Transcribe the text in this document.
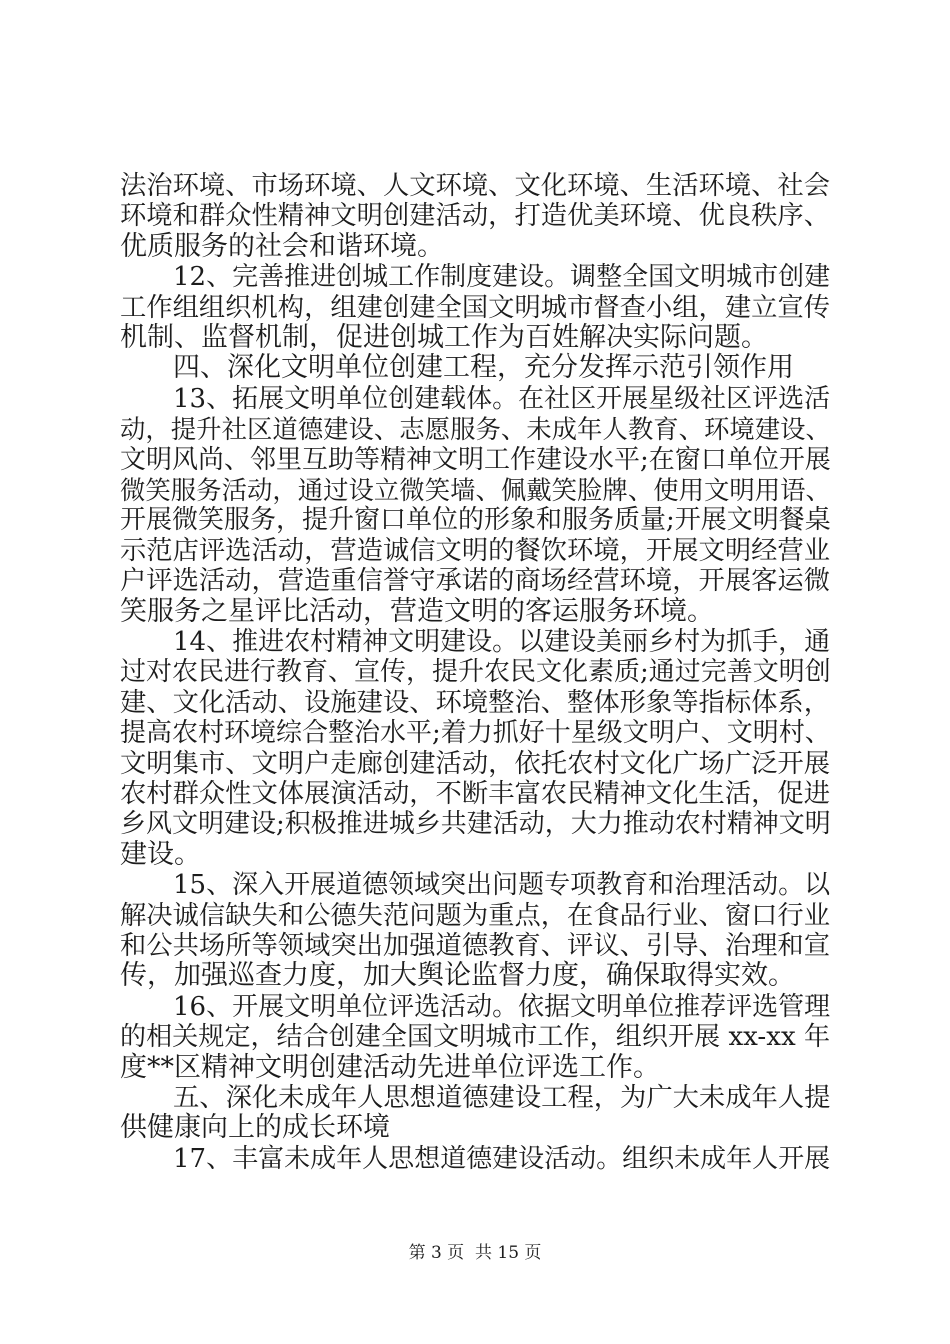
法治环境、市场环境、人文环境、文化环境、生活环境、社会
环境和群众性精神文明创建活动，打造优美环境、优良秩序、
优质服务的社会和谐环境。
12、完善推进创城工作制度建设。调整全国文明城市创建
工作组组织机构，组建创建全国文明城市督查小组，建立宣传
机制、监督机制，促进创城工作为百姓解决实际问题。
四、深化文明单位创建工程，充分发挥示范引领作用
13、拓展文明单位创建载体。在社区开展星级社区评选活
动，提升社区道德建设、志愿服务、未成年人教育、环境建设、
文明风尚、邻里互助等精神文明工作建设水平;在窗口单位开展
微笑服务活动，通过设立微笑墙、佩戴笑脸牌、使用文明用语、
开展微笑服务，提升窗口单位的形象和服务质量;开展文明餐桌
示范店评选活动，营造诚信文明的餐饮环境，开展文明经营业
户评选活动，营造重信誉守承诺的商场经营环境，开展客运微
笑服务之星评比活动，营造文明的客运服务环境。
14、推进农村精神文明建设。以建设美丽乡村为抓手，通
过对农民进行教育、宣传，提升农民文化素质;通过完善文明创
建、文化活动、设施建设、环境整治、整体形象等指标体系，
提高农村环境综合整治水平;着力抓好十星级文明户、文明村、
文明集市、文明户走廊创建活动，依托农村文化广场广泛开展
农村群众性文体展演活动，不断丰富农民精神文化生活，促进
乡风文明建设;积极推进城乡共建活动，大力推动农村精神文明
建设。
15、深入开展道德领域突出问题专项教育和治理活动。以
解决诚信缺失和公德失范问题为重点，在食品行业、窗口行业
和公共场所等领域突出加强道德教育、评议、引导、治理和宣
传，加强巡查力度，加大舆论监督力度，确保取得实效。
16、开展文明单位评选活动。依据文明单位推荐评选管理
的相关规定，结合创建全国文明城市工作，组织开展 xx-xx 年
度**区精神文明创建活动先进单位评选工作。
五、深化未成年人思想道德建设工程，为广大未成年人提
供健康向上的成长环境
17、丰富未成年人思想道德建设活动。组织未成年人开展
第 3 页  共 15 页
